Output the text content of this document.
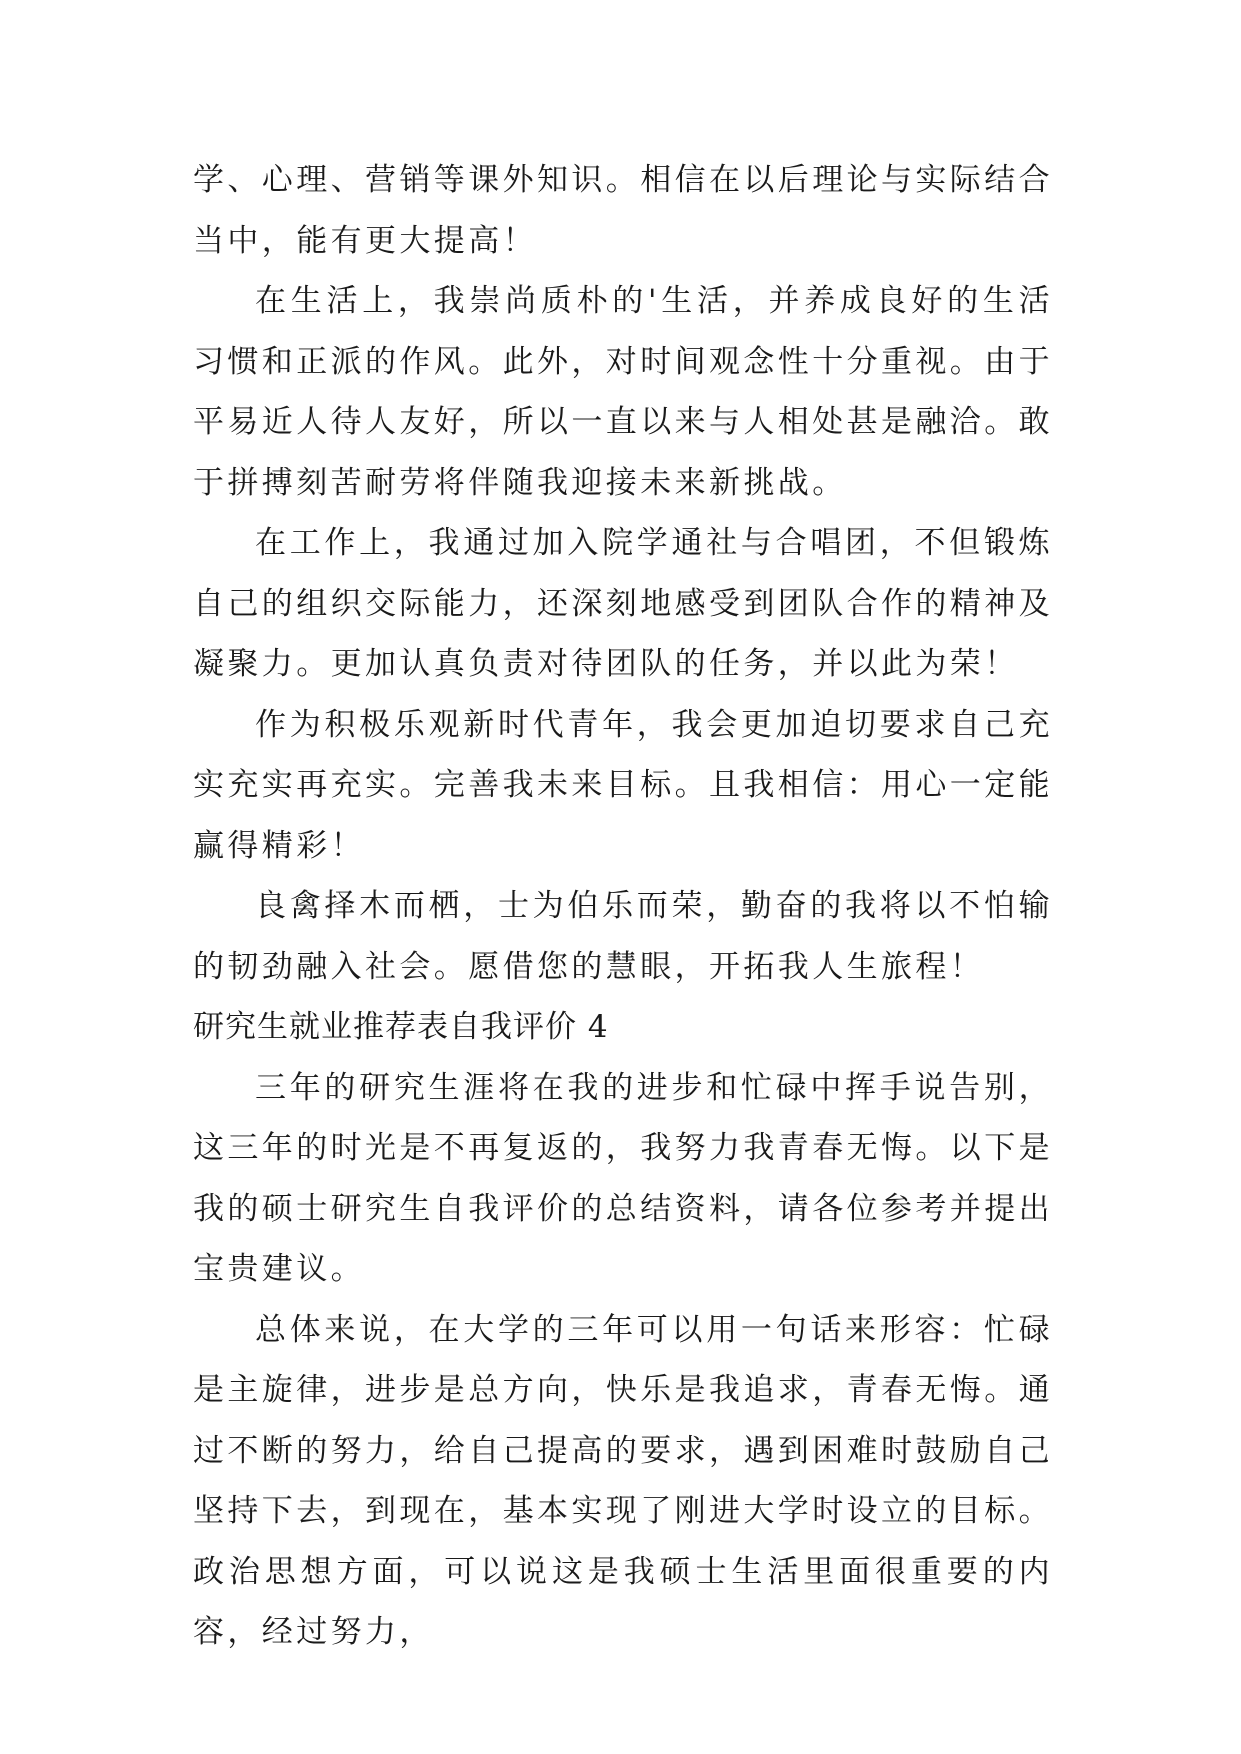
学、心理、营销等课外知识。相信在以后理论与实际结合当中，能有更大提高！

在生活上，我崇尚质朴的'生活，并养成良好的生活习惯和正派的作风。此外，对时间观念性十分重视。由于平易近人待人友好，所以一直以来与人相处甚是融洽。敢于拼搏刻苦耐劳将伴随我迎接未来新挑战。

在工作上，我通过加入院学通社与合唱团，不但锻炼自己的组织交际能力，还深刻地感受到团队合作的精神及凝聚力。更加认真负责对待团队的任务，并以此为荣！

作为积极乐观新时代青年，我会更加迫切要求自己充实充实再充实。完善我未来目标。且我相信：用心一定能赢得精彩！

良禽择木而栖，士为伯乐而荣，勤奋的我将以不怕输的韧劲融入社会。愿借您的慧眼，开拓我人生旅程！

研究生就业推荐表自我评价 4

三年的研究生涯将在我的进步和忙碌中挥手说告别，这三年的时光是不再复返的，我努力我青春无悔。以下是我的硕士研究生自我评价的总结资料，请各位参考并提出宝贵建议。

总体来说，在大学的三年可以用一句话来形容：忙碌是主旋律，进步是总方向，快乐是我追求，青春无悔。通过不断的努力，给自己提高的要求，遇到困难时鼓励自己坚持下去，到现在，基本实现了刚进大学时设立的目标。政治思想方面，可以说这是我硕士生活里面很重要的内容，经过努力，
